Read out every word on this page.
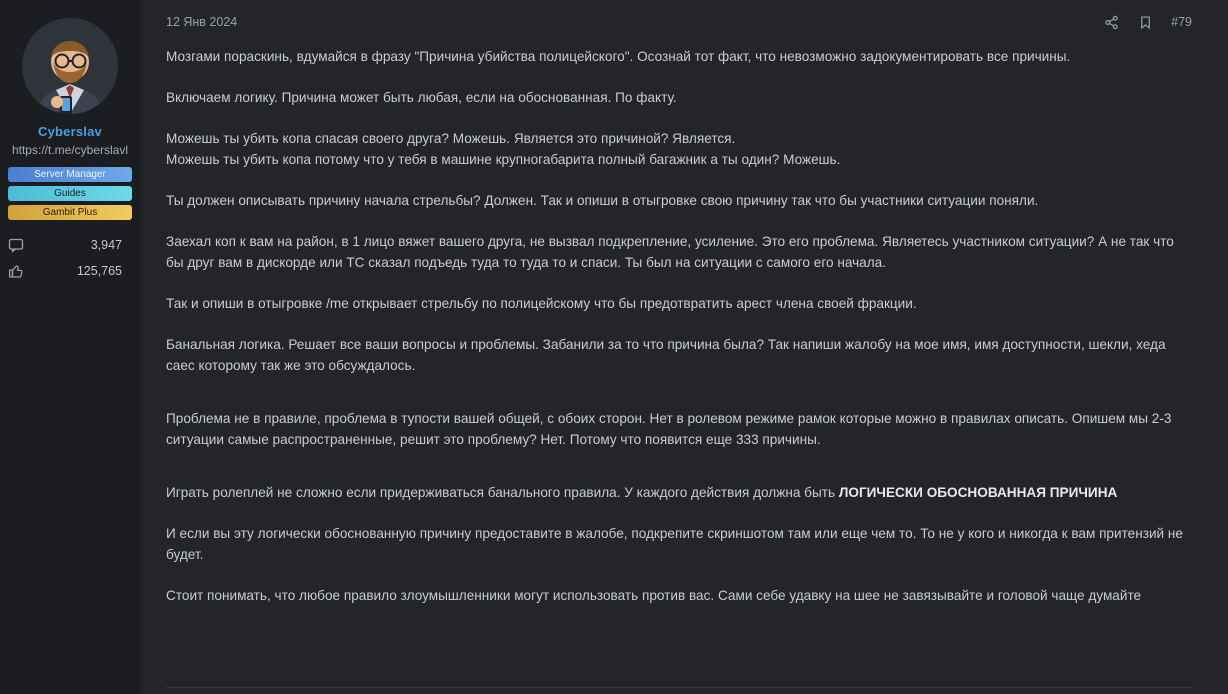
Cyberslav
https://t.me/cyberslavl
Server Manager
Guides
Gambit Plus
3,947
125,765
12 Янв 2024	#79

Мозгами пораскинь, вдумайся в фразу "Причина убийства полицейского". Осознай тот факт, что невозможно задокументировать все причины.

Включаем логику. Причина может быть любая, если на обоснованная. По факту.

Можешь ты убить копа спасая своего друга? Можешь. Является это причиной? Является.

Можешь ты убить копа потому что у тебя в машине крупногабарита полный багажник а ты один? Можешь.

Ты должен описывать причину начала стрельбы? Должен. Так и опиши в отыгровке свою причину так что бы участники ситуации поняли.

Заехал коп к вам на район, в 1 лицо вяжет вашего друга, не вызвал подкрепление, усиление. Это его проблема. Являетесь участником ситуации? А не так что бы друг вам в дискорде или ТС сказал подъедь туда то туда то и спаси. Ты был на ситуации с самого его начала.

Так и опиши в отыгровке /me открывает стрельбу по полицейскому что бы предотвратить арест члена своей фракции.

Банальная логика. Решает все ваши вопросы и проблемы. Забанили за то что причина была? Так напиши жалобу на мое имя, имя доступности, шекли, хеда саес которому так же это обсуждалось.

Проблема не в правиле, проблема в тупости вашей общей, с обоих сторон. Нет в ролевом режиме рамок которые можно в правилах описать. Опишем мы 2-3 ситуации самые распространенные, решит это проблему? Нет. Потому что появится еще 333 причины.

Играть ролеплей не сложно если придерживаться банального правила. У каждого действия должна быть ЛОГИЧЕСКИ ОБОСНОВАННАЯ ПРИЧИНА

И если вы эту логически обоснованную причину предоставите в жалобе, подкрепите скриншотом там или еще чем то. То не у кого и никогда к вам притензий не будет.

Стоит понимать, что любое правило злоумышленники могут использовать против вас. Сами себе удавку на шее не завязывайте и головой чаще думайте
